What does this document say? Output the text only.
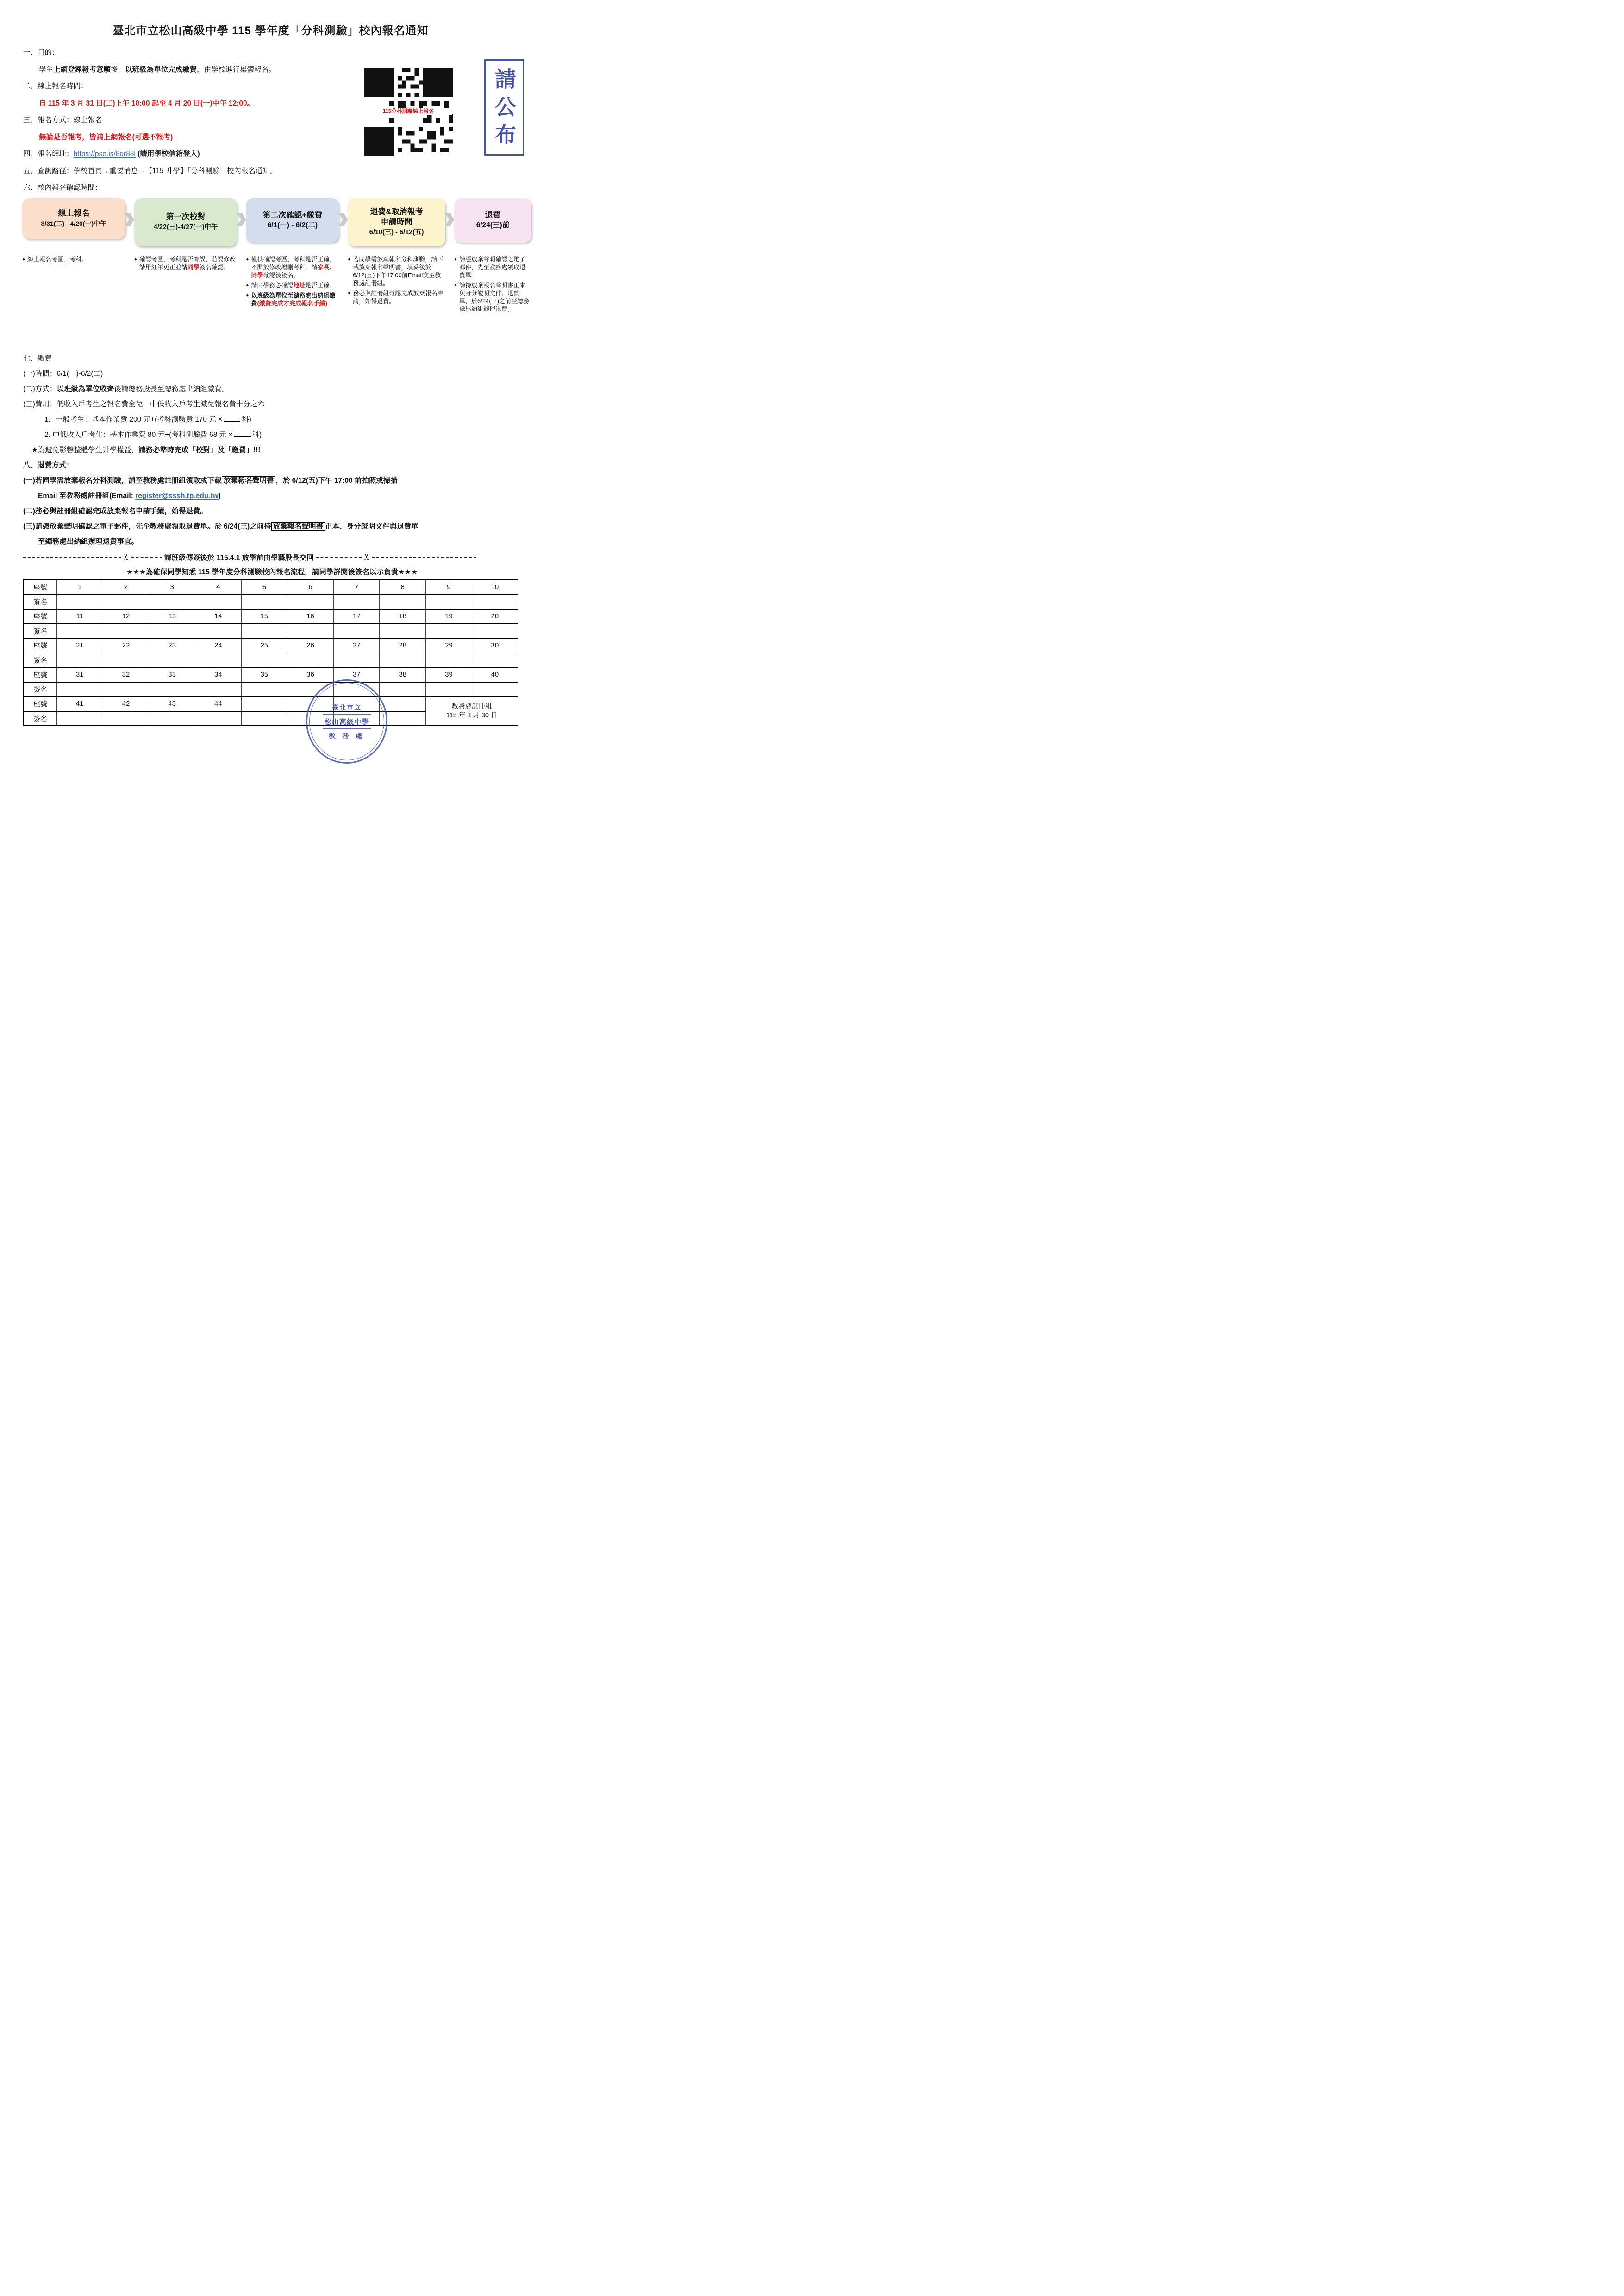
臺北市立松山高級中學 115 學年度「分科測驗」校內報名通知
一、目的：
學生上網登錄報考意願後，以班級為單位完成繳費，由學校進行集體報名。
二、線上報名時間：
自 115 年 3 月 31 日(二)上午 10:00 起至 4 月 20 日(一)中午 12:00。
三、報名方式：線上報名
無論是否報考，皆請上網報名(可選不報考)
四、報名網址：https://pse.is/8qr88l (請用學校信箱登入)
五、查詢路徑：學校首頁→重要消息→【115 升學】「分科測驗」校內報名通知。
六、校內報名確認時間：
115分科測驗線上報名	請公布
線上報名
3/31(二) - 4/20(一)中午
第一次校對
4/22(三)-4/27(一)中午
第二次確認+繳費
6/1(一) - 6/2(二)
退費&取消報考
申請時間
6/10(三) - 6/12(五)
退費
6/24(三)前
● 線上報名考區、考科。	● 確認考區、考科是否有誤，若要修改請用紅筆更正並請同學簽名確認。
● 僅供確認考區、考科是否正確，不開放修改增刪考科，請家長、同學確認後簽名。
● 請同學務必確認地址是否正確。
● 以班級為單位至總務處出納組繳費(繳費完成才完成報名手續)
● 若同學需放棄報名分科測驗，請下載放棄報名聲明書，填妥後於6/12(五)下午17:00前Email交至教務處註冊組。
● 務必與註冊組確認完成放棄報名申請，始得退費。
● 請憑放棄聲明確認之電子郵件，先至教務處領取退費單。
● 請持放棄報名聲明書正本與身分證明文件、退費單，於6/24(三)之前至總務處出納組辦理退費。
七、繳費
(一)時間：6/1(一)-6/2(二)
(二)方式：以班級為單位收齊後請總務股長至總務處出納組繳費。
(三)費用：低收入戶考生之報名費全免，中低收入戶考生減免報名費十分之六
1．一般考生：基本作業費 200 元+(考科測驗費 170 元 ×	科)
2. 中低收入戶考生：基本作業費 80 元+(考科測驗費 68 元 ×	科)
★為避免影響整體學生升學權益，請務必準時完成「校對」及「繳費」!!!
八、退費方式：
(一)若同學需放棄報名分科測驗，請至教務處註冊組領取或下載 放棄報名聲明書 ，於 6/12(五)下午 17:00 前拍照或掃描
Email 至教務處註冊組(Email: register@sssh.tp.edu.tw)
(二)務必與註冊組確認完成放棄報名申請手續，始得退費。
(三)請憑放棄聲明確認之電子郵件，先至教務處領取退費單。於 6/24(三)之前持 放棄報名聲明書 正本、身分證明文件與退費單
至總務處出納組辦理退費事宜。
✂	請班級傳簽後於 115.4.1 放學前由學藝股長交回	✂
★★★為確保同學知悉 115 學年度分科測驗校內報名流程，請同學詳閱後簽名以示負責★★★
座號	1	2	3	4	5	6	7	8	9	10
簽名										
座號	11	12	13	14	15	16	17	18	19	20
簽名										
座號	21	22	23	24	25	26	27	28	29	30
簽名										
座號	31	32	33	34	35	36	37	38	39	40
簽名										
座號	41	42	43	44					教務處註冊組
115 年 3 月 30 日	

簽名										
臺北市立
松山高級中學
教 務 處
